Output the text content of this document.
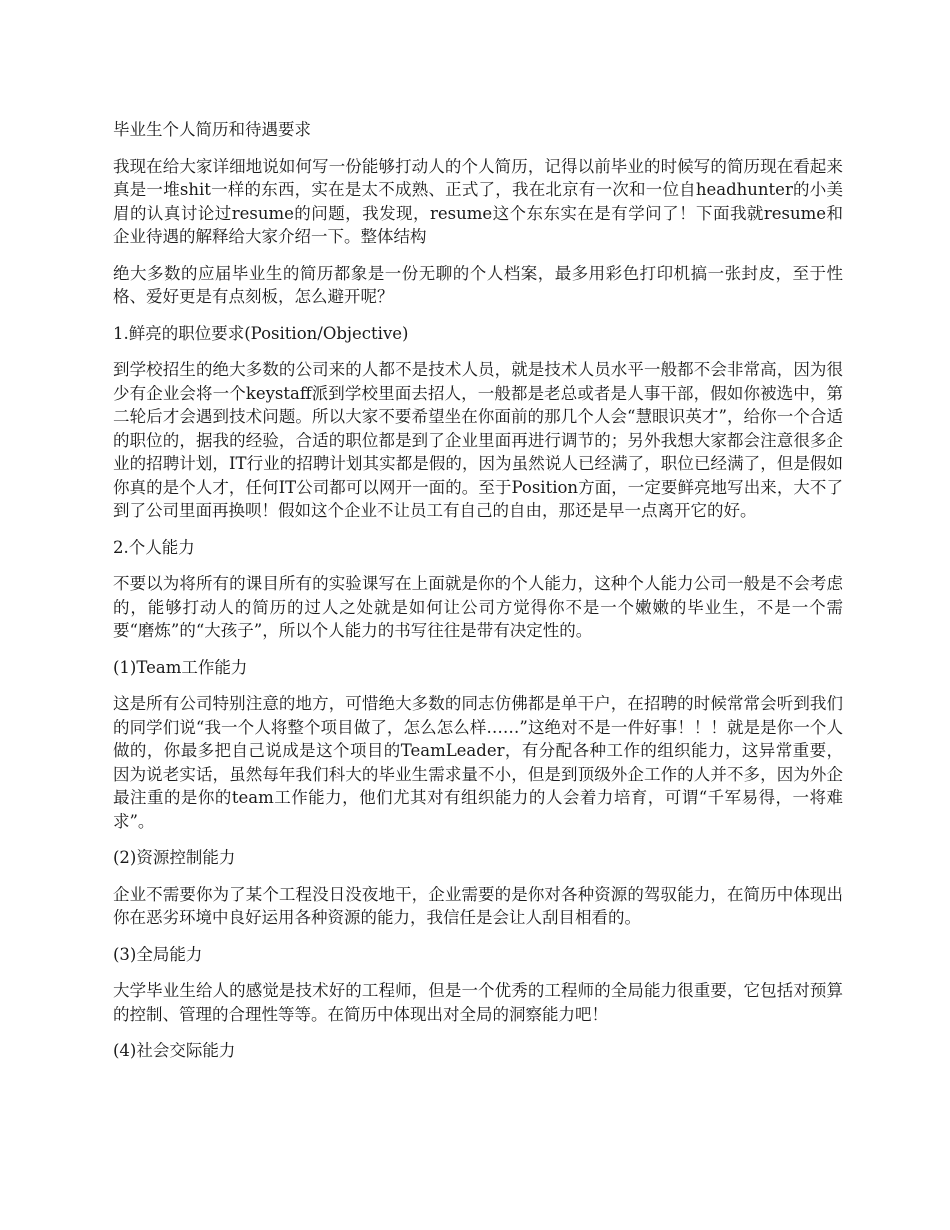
毕业生个人简历和待遇要求

我现在给大家详细地说如何写一份能够打动人的个人简历，记得以前毕业的时候写的简历现在看起来真是一堆shit一样的东西，实在是太不成熟、正式了，我在北京有一次和一位自headhunter的小美眉的认真讨论过resume的问题，我发现，resume这个东东实在是有学问了！下面我就resume和企业待遇的解释给大家介绍一下。整体结构

绝大多数的应届毕业生的简历都象是一份无聊的个人档案，最多用彩色打印机搞一张封皮，至于性格、爱好更是有点刻板，怎么避开呢？

1.鲜亮的职位要求(Position/Objective)

到学校招生的绝大多数的公司来的人都不是技术人员，就是技术人员水平一般都不会非常高，因为很少有企业会将一个keystaff派到学校里面去招人，一般都是老总或者是人事干部，假如你被选中，第二轮后才会遇到技术问题。所以大家不要希望坐在你面前的那几个人会“慧眼识英才”，给你一个合适的职位的，据我的经验，合适的职位都是到了企业里面再进行调节的；另外我想大家都会注意很多企业的招聘计划，IT行业的招聘计划其实都是假的，因为虽然说人已经满了，职位已经满了，但是假如你真的是个人才，任何IT公司都可以网开一面的。至于Position方面，一定要鲜亮地写出来，大不了到了公司里面再换呗！假如这个企业不让员工有自己的自由，那还是早一点离开它的好。

2.个人能力

不要以为将所有的课目所有的实验课写在上面就是你的个人能力，这种个人能力公司一般是不会考虑的，能够打动人的简历的过人之处就是如何让公司方觉得你不是一个嫩嫩的毕业生，不是一个需要“磨炼”的“大孩子”，所以个人能力的书写往往是带有决定性的。

(1)Team工作能力

这是所有公司特别注意的地方，可惜绝大多数的同志仿佛都是单干户，在招聘的时候常常会听到我们的同学们说“我一个人将整个项目做了，怎么怎么样……”这绝对不是一件好事！！！就是是你一个人做的，你最多把自己说成是这个项目的TeamLeader，有分配各种工作的组织能力，这异常重要，因为说老实话，虽然每年我们科大的毕业生需求量不小，但是到顶级外企工作的人并不多，因为外企最注重的是你的team工作能力，他们尤其对有组织能力的人会着力培育，可谓“千军易得，一将难求”。

(2)资源控制能力

企业不需要你为了某个工程没日没夜地干，企业需要的是你对各种资源的驾驭能力，在简历中体现出你在恶劣环境中良好运用各种资源的能力，我信任是会让人刮目相看的。

(3)全局能力

大学毕业生给人的感觉是技术好的工程师，但是一个优秀的工程师的全局能力很重要，它包括对预算的控制、管理的合理性等等。在简历中体现出对全局的洞察能力吧！

(4)社会交际能力
